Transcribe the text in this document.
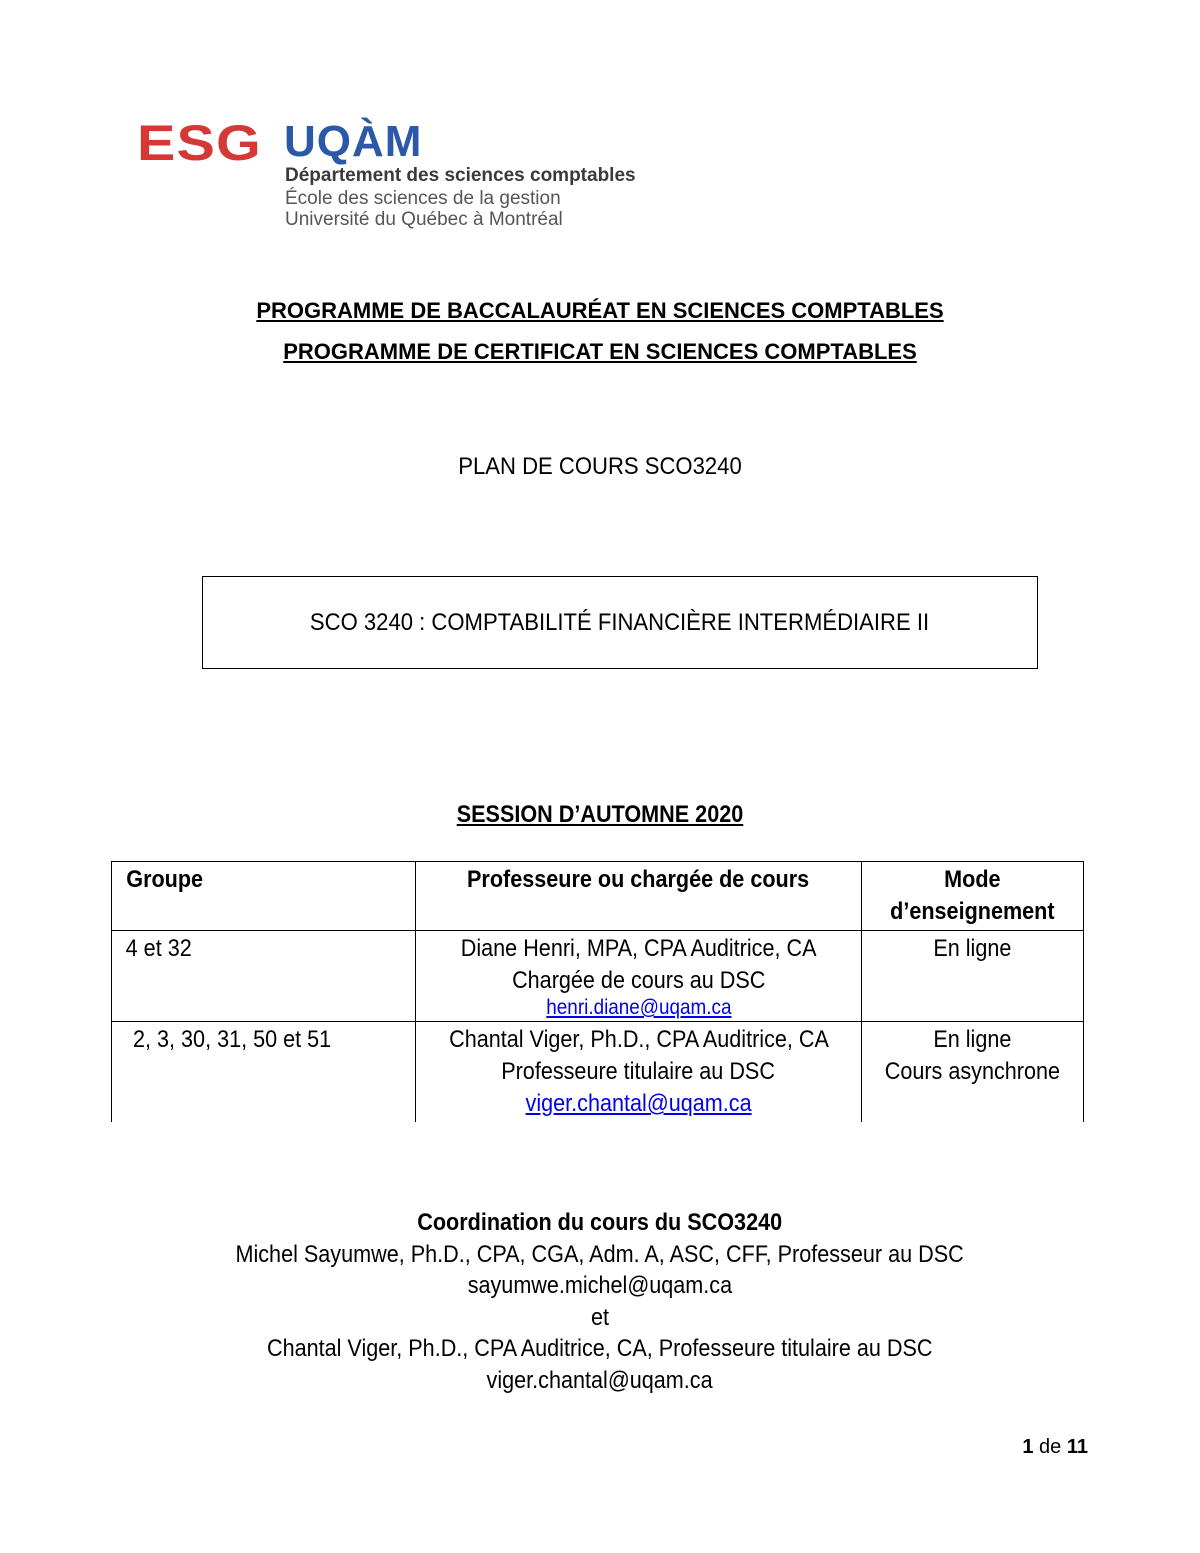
ESG UQÀM
Département des sciences comptables
École des sciences de la gestion
Université du Québec à Montréal
PROGRAMME DE BACCALAURÉAT EN SCIENCES COMPTABLES
PROGRAMME DE CERTIFICAT EN SCIENCES COMPTABLES
PLAN DE COURS SCO3240
SCO 3240 : COMPTABILITÉ FINANCIÈRE INTERMÉDIAIRE II
SESSION D’AUTOMNE 2020
Groupe	Professeure ou chargée de cours	Mode
d’enseignement

4 et 32	Diane Henri, MPA, CPA Auditrice, CA
Chargée de cours au DSC
henri.diane@uqam.ca	En ligne

2, 3, 30, 31, 50 et 51	Chantal Viger, Ph.D., CPA Auditrice, CA
Professeure titulaire au DSC
viger.chantal@uqam.ca	En ligne
Cours asynchrone
Coordination du cours du SCO3240
Michel Sayumwe, Ph.D., CPA, CGA, Adm. A, ASC, CFF, Professeur au DSC
sayumwe.michel@uqam.ca
et
Chantal Viger, Ph.D., CPA Auditrice, CA, Professeure titulaire au DSC
viger.chantal@uqam.ca
1 de 11
